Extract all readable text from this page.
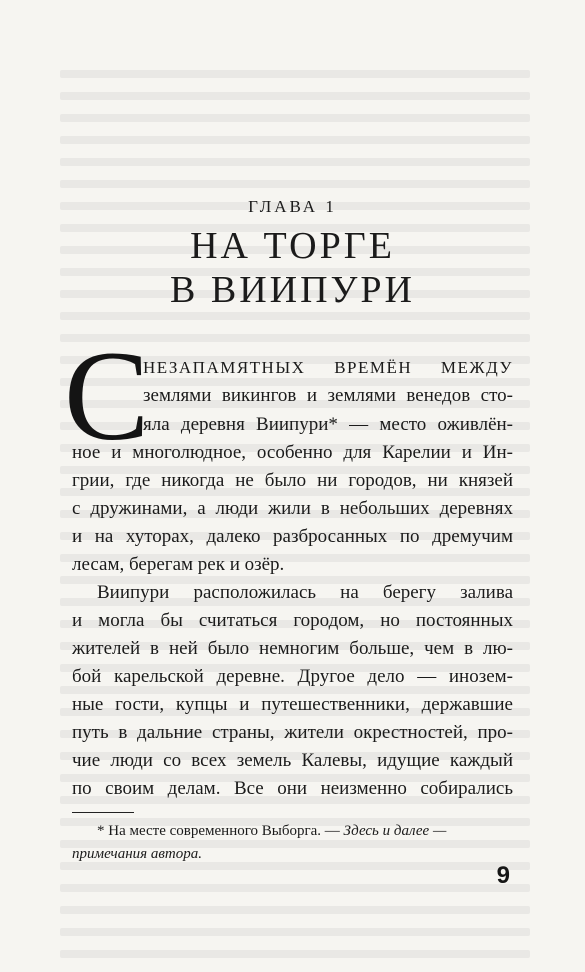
ГЛАВА 1
НА ТОРГЕ
В ВИИПУРИ
С
НЕЗАПАМЯТНЫХ ВРЕМЁН МЕЖДУ
землями викингов и землями венедов сто-
яла деревня Виипури* — место оживлён-
ное и многолюдное, особенно для Карелии и Ин-
грии, где никогда не было ни городов, ни князей
с дружинами, а люди жили в небольших деревнях
и на хуторах, далеко разбросанных по дремучим
лесам, берегам рек и озёр.
Виипури расположилась на берегу залива
и могла бы считаться городом, но постоянных
жителей в ней было немногим больше, чем в лю-
бой карельской деревне. Другое дело — инозем-
ные гости, купцы и путешественники, державшие
путь в дальние страны, жители окрестностей, про-
чие люди со всех земель Калевы, идущие каждый
по своим делам. Все они неизменно собирались
* На месте современного Выборга. — Здесь и далее —
примечания автора.
9
